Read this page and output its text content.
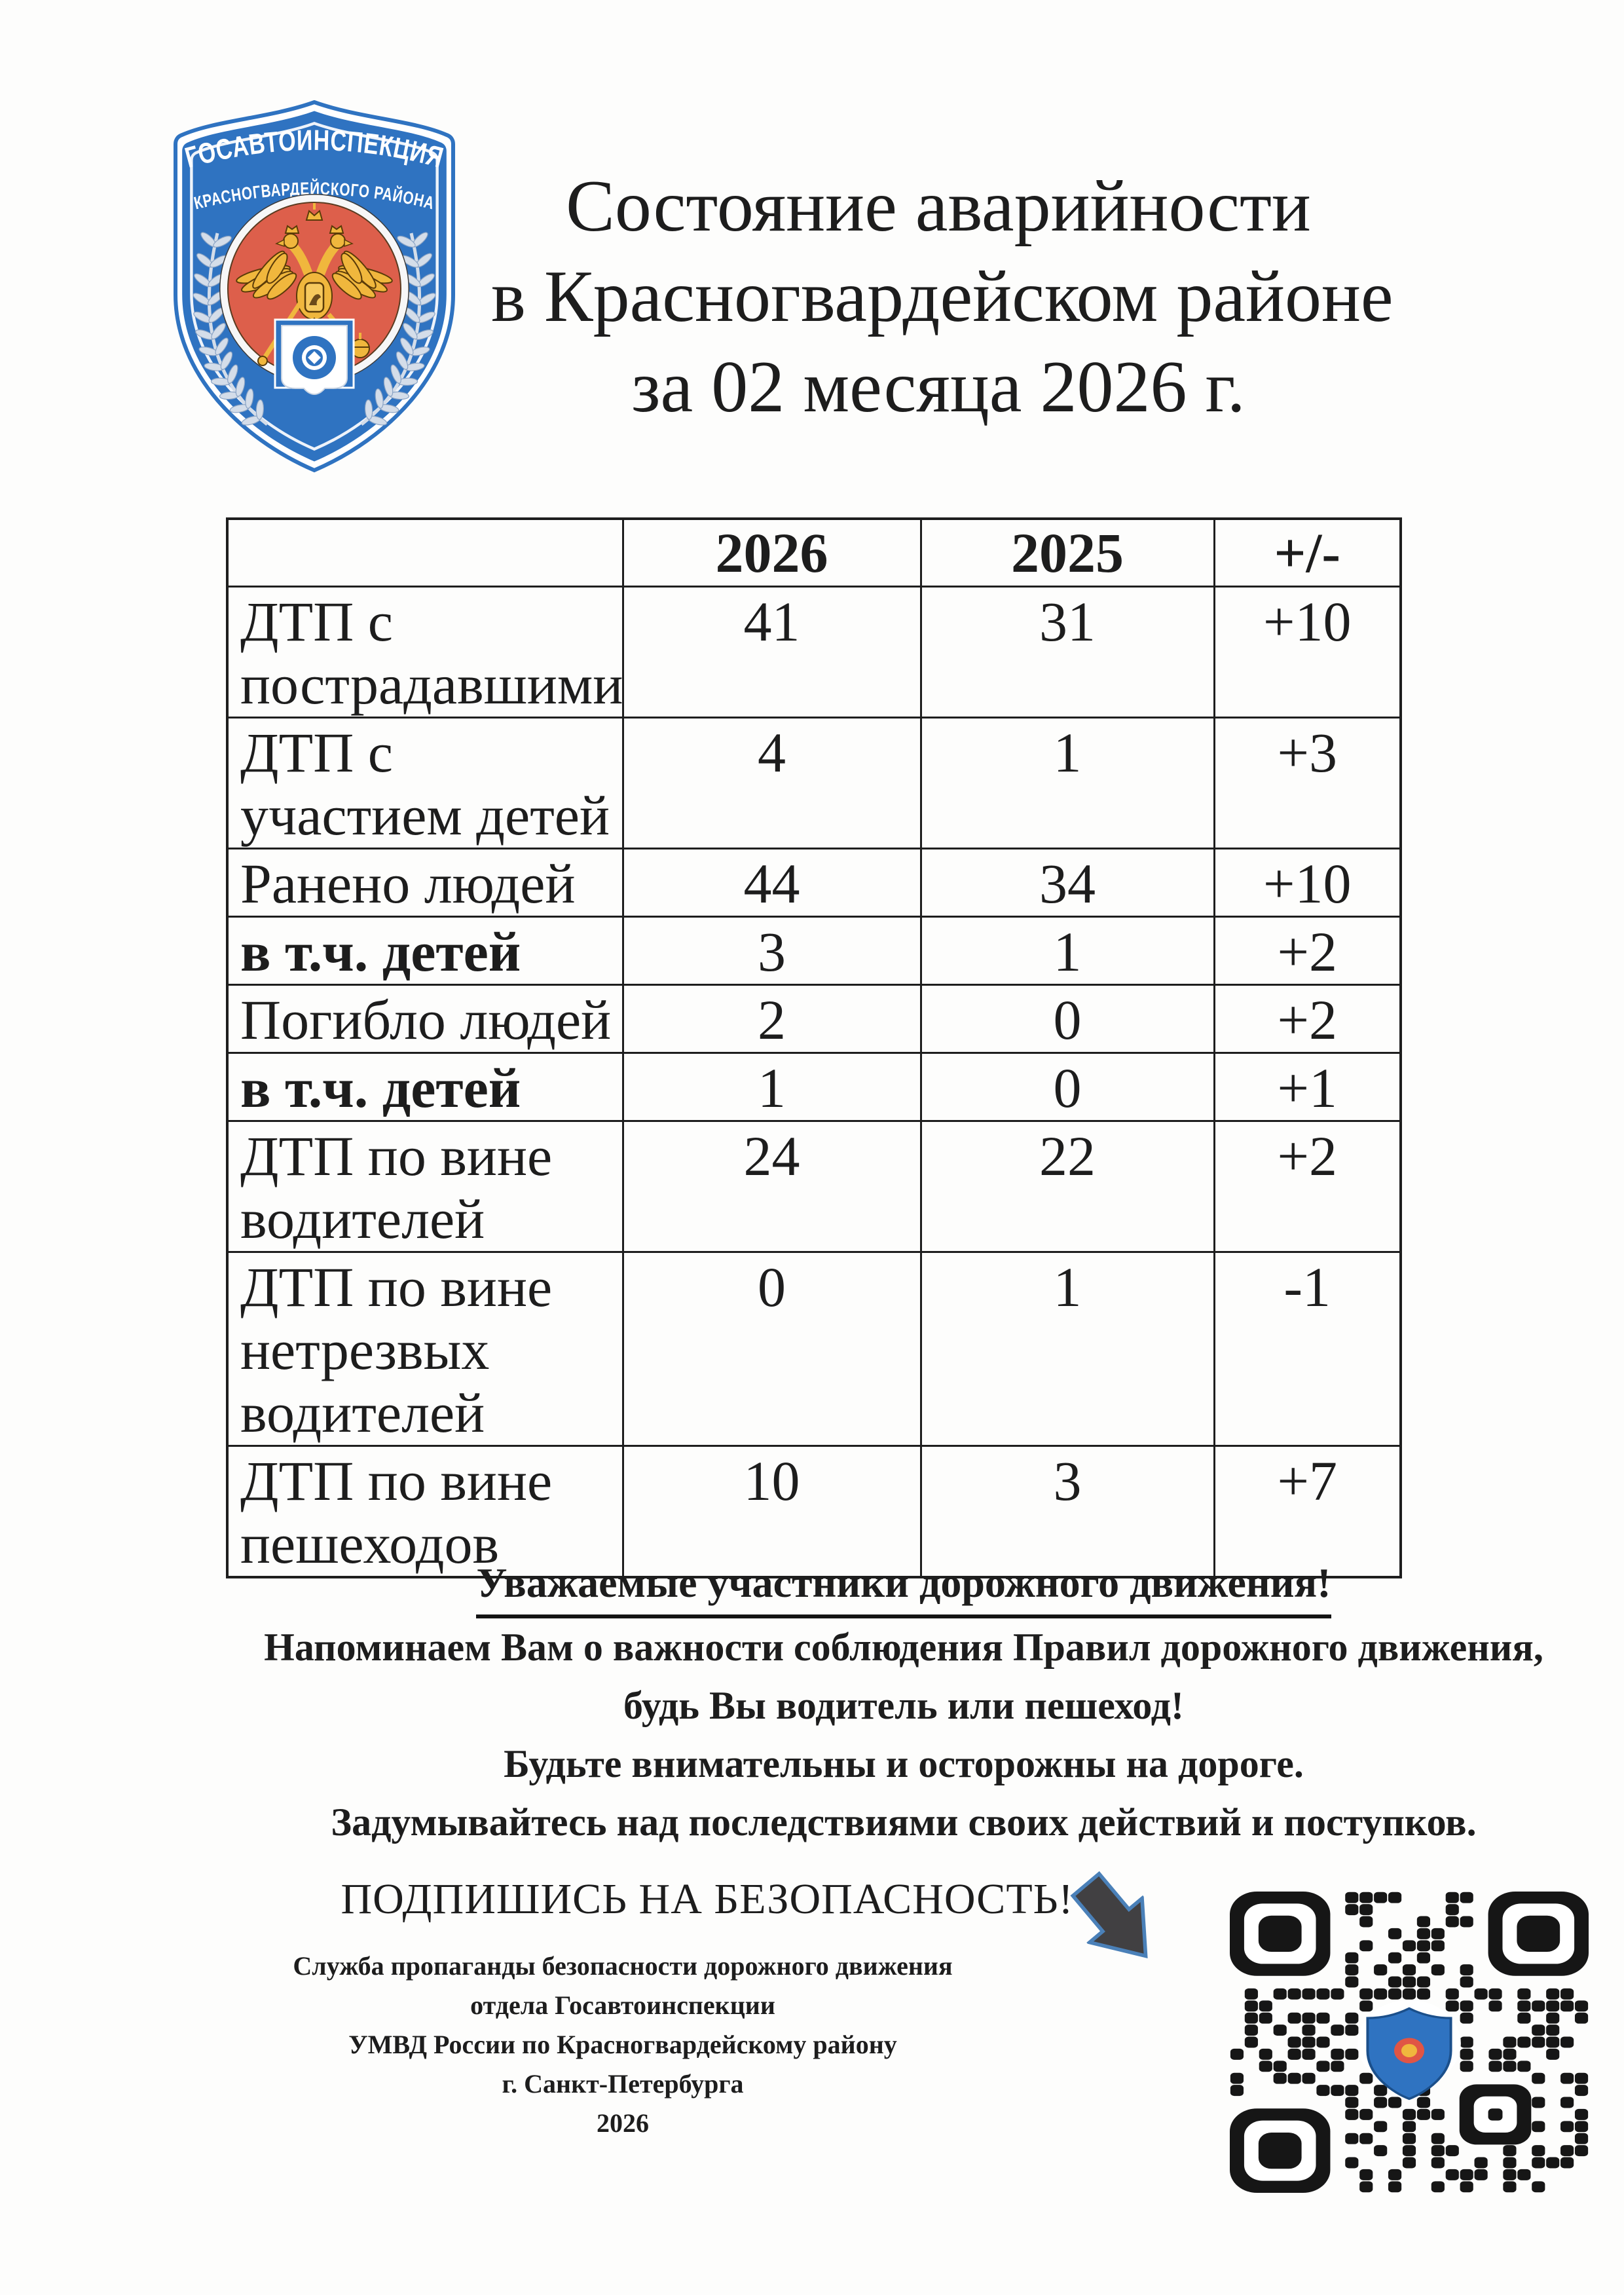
ГОСАВТОИНСПЕКЦИЯ
КРАСНОГВАРДЕЙСКОГО РАЙОНА	Состояние аварийности
в Красногвардейском районе
за 02 месяца 2026 г.
	2026	2025	+/-
ДТП с пострадавшими	41	31	+10
ДТП с участием детей	4	1	+3
Ранено людей	44	34	+10
в т.ч. детей	3	1	+2
Погибло людей	2	0	+2
в т.ч. детей	1	0	+1
ДТП по вине водителей	24	22	+2
ДТП по вине нетрезвых водителей	0	1	-1
ДТП по вине пешеходов	10	3	+7
Уважаемые участники дорожного движения!
Напоминаем Вам о важности соблюдения Правил дорожного движения,
будь Вы водитель или пешеход!
Будьте внимательны и осторожны на дороге.
Задумывайтесь над последствиями своих действий и поступков.
ПОДПИШИСЬ НА БЕЗОПАСНОСТЬ!
Служба пропаганды безопасности дорожного движения
отдела Госавтоинспекции
УМВД России по Красногвардейскому району
г. Санкт-Петербурга
2026
